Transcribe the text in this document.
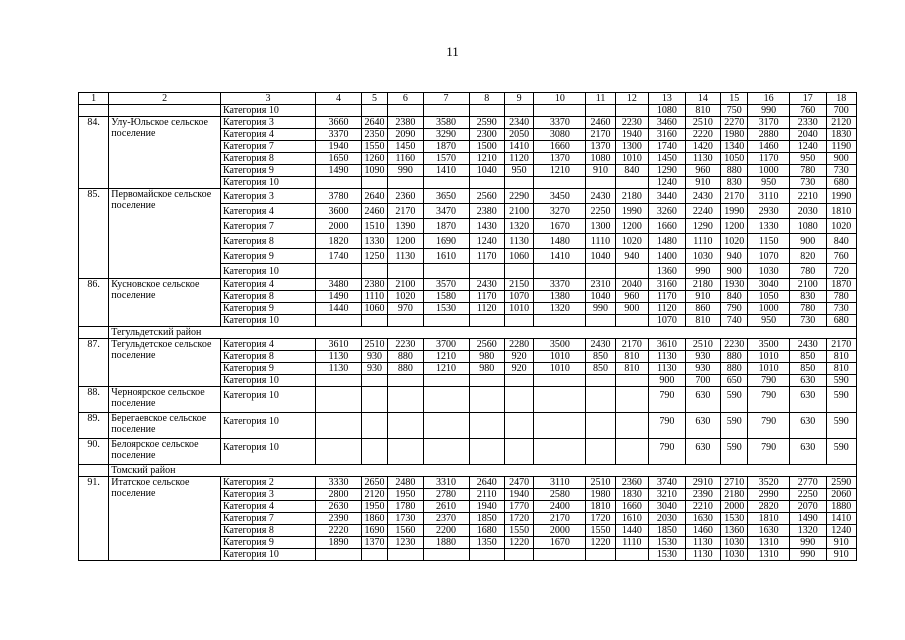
11
1	2	3	4	5	6	7	8	9	10	11	12	13	14	15	16	17	18
		Категория 10										1080	810	750	990	760	700
84.	Улу-Юльское сельское поселение	Категория 3	3660	2640	2380	3580	2590	2340	3370	2460	2230	3460	2510	2270	3170	2330	2120
		Категория 4	3370	2350	2090	3290	2300	2050	3080	2170	1940	3160	2220	1980	2880	2040	1830
		Категория 7	1940	1550	1450	1870	1500	1410	1660	1370	1300	1740	1420	1340	1460	1240	1190
		Категория 8	1650	1260	1160	1570	1210	1120	1370	1080	1010	1450	1130	1050	1170	950	900
		Категория 9	1490	1090	990	1410	1040	950	1210	910	840	1290	960	880	1000	780	730
		Категория 10										1240	910	830	950	730	680
85.	Первомайское сельское поселение	Категория 3	3780	2640	2360	3650	2560	2290	3450	2430	2180	3440	2430	2170	3110	2210	1990
		Категория 4	3600	2460	2170	3470	2380	2100	3270	2250	1990	3260	2240	1990	2930	2030	1810
		Категория 7	2000	1510	1390	1870	1430	1320	1670	1300	1200	1660	1290	1200	1330	1080	1020
		Категория 8	1820	1330	1200	1690	1240	1130	1480	1110	1020	1480	1110	1020	1150	900	840
		Категория 9	1740	1250	1130	1610	1170	1060	1410	1040	940	1400	1030	940	1070	820	760
		Категория 10										1360	990	900	1030	780	720
86.	Кусновское сельское поселение	Категория 4	3480	2380	2100	3570	2430	2150	3370	2310	2040	3160	2180	1930	3040	2100	1870
		Категория 8	1490	1110	1020	1580	1170	1070	1380	1040	960	1170	910	840	1050	830	780
		Категория 9	1440	1060	970	1530	1120	1010	1320	990	900	1120	860	790	1000	780	730
		Категория 10										1070	810	740	950	730	680
	Тегульдетский район																
87.	Тегульдетское сельское поселение	Категория 4	3610	2510	2230	3700	2560	2280	3500	2430	2170	3610	2510	2230	3500	2430	2170
		Категория 8	1130	930	880	1210	980	920	1010	850	810	1130	930	880	1010	850	810
		Категория 9	1130	930	880	1210	980	920	1010	850	810	1130	930	880	1010	850	810
		Категория 10										900	700	650	790	630	590
88.	Черноярское сельское поселение	Категория 10										790	630	590	790	630	590
89.	Берегаевское сельское поселение	Категория 10										790	630	590	790	630	590
90.	Белоярское сельское поселение	Категория 10										790	630	590	790	630	590
	Томский район																
91.	Итатское сельское поселение	Категория 2	3330	2650	2480	3310	2640	2470	3110	2510	2360	3740	2910	2710	3520	2770	2590
		Категория 3	2800	2120	1950	2780	2110	1940	2580	1980	1830	3210	2390	2180	2990	2250	2060
		Категория 4	2630	1950	1780	2610	1940	1770	2400	1810	1660	3040	2210	2000	2820	2070	1880
		Категория 7	2390	1860	1730	2370	1850	1720	2170	1720	1610	2030	1630	1530	1810	1490	1410
		Категория 8	2220	1690	1560	2200	1680	1550	2000	1550	1440	1850	1460	1360	1630	1320	1240
		Категория 9	1890	1370	1230	1880	1350	1220	1670	1220	1110	1530	1130	1030	1310	990	910
		Категория 10										1530	1130	1030	1310	990	910
